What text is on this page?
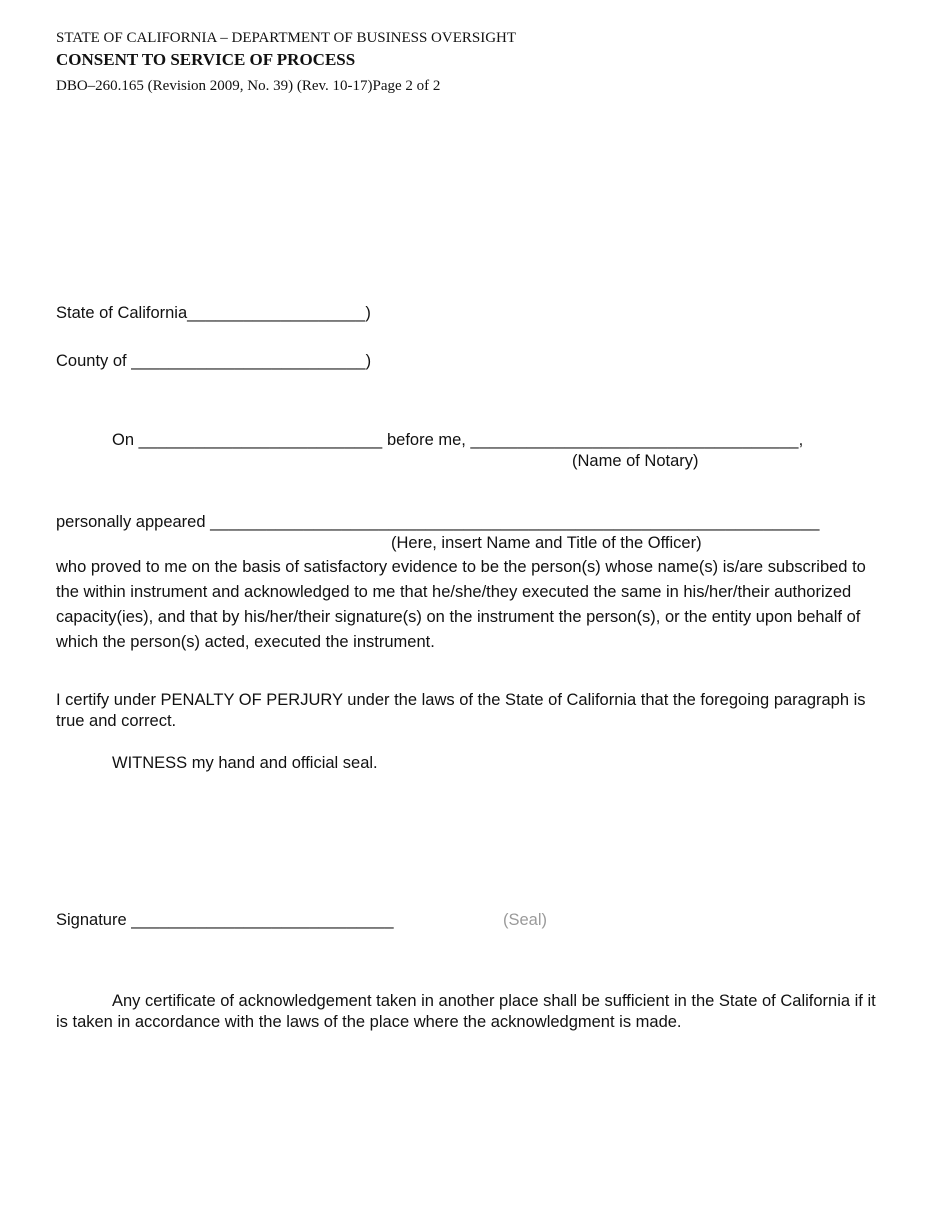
STATE OF CALIFORNIA – DEPARTMENT OF BUSINESS OVERSIGHT
CONSENT TO SERVICE OF PROCESS
DBO–260.165 (Revision 2009, No. 39) (Rev. 10-17)Page 2 of 2
State of California___________________)
County of _________________________)
On __________________________ before me, ___________________________________,
(Name of Notary)
personally appeared _________________________________________________________________
(Here, insert Name and Title of the Officer)
who proved to me on the basis of satisfactory evidence to be the person(s) whose name(s) is/are subscribed to the within instrument and acknowledged to me that he/she/they executed the same in his/her/their authorized capacity(ies), and that by his/her/their signature(s) on the instrument the person(s), or the entity upon behalf of which the person(s) acted, executed the instrument.
I certify under PENALTY OF PERJURY under the laws of the State of California that the foregoing paragraph is true and correct.
WITNESS my hand and official seal.
Signature ____________________________	(Seal)
Any certificate of acknowledgement taken in another place shall be sufficient in the State of California if it is taken in accordance with the laws of the place where the acknowledgment is made.
